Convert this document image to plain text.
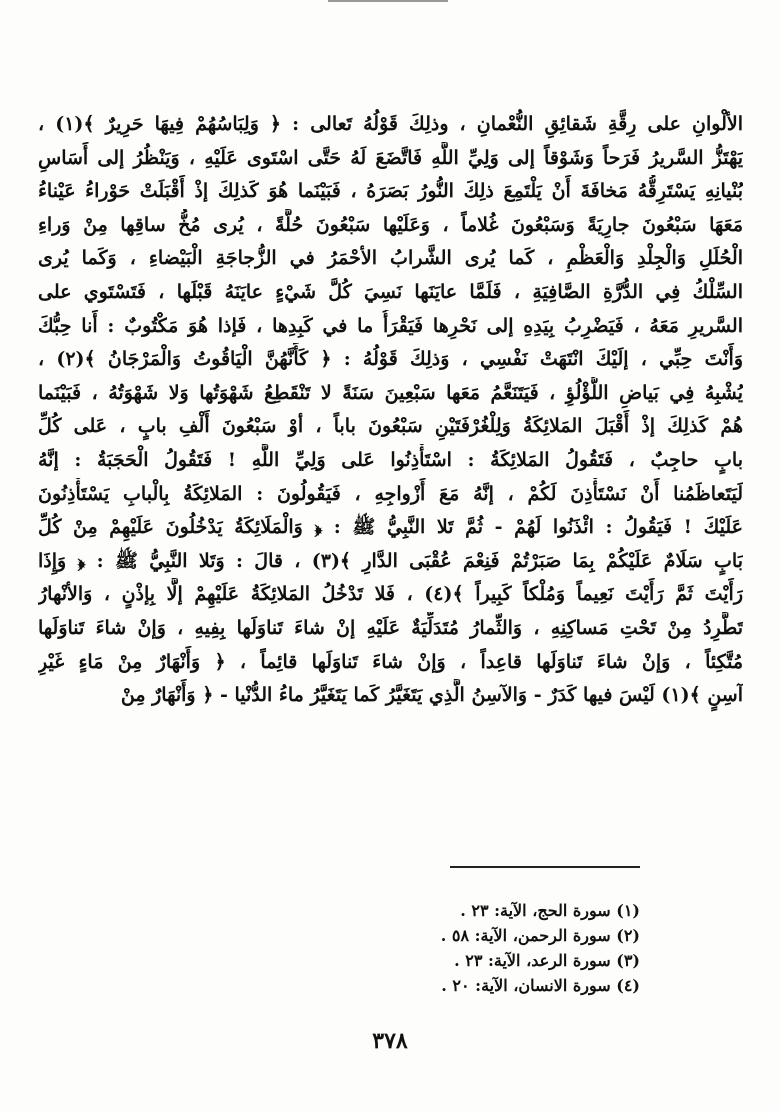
الألْوانِ على رِقَّةِ شَقائِقِ النُّعْمانِ ، وذلِكَ قَوْلُهُ تَعالى : ﴿ وَلِبَاسُهُمْ فِيهَا حَرِيرٌ ﴾(١) ،
يَهْتَزُّ السَّريرُ فَرَحاً وَشَوْقاً إلى وَلِيِّ اللَّهِ فَاتَّضَعَ لَهُ حَتَّى اسْتَوى عَلَيْهِ ، وَيَنْظُرُ إلى أَسَاسِ
بُنْيانِهِ يَسْتَرِقُّهُ مَخافَةَ أَنْ يَلْتَمِعَ ذلِكَ النُّورُ بَصَرَهُ ، فَبَيْنَما هُوَ كَذلِكَ إذْ أَقْبَلَتْ حَوْراءُ عَيْناءُ
مَعَهَا سَبْعُونَ جارِيَةً وَسَبْعُونَ غُلاماً ، وَعَلَيْها سَبْعُونَ حُلَّةً ، يُرى مُخُّ ساقِها مِنْ وَراءِ
الْحُلَلِ وَالْجِلْدِ وَالْعَظْمِ ، كَما يُرى الشَّرابُ الأحْمَرُ في الزُّجاجَةِ الْبَيْضاءِ ، وَكَما يُرى
السِّلْكُ فِي الدُّرَّةِ الصَّافِيَةِ ، فَلَمَّا عايَنَها نَسِيَ كُلَّ شَيْءٍ عايَنَهُ قَبْلَها ، فَتَسْتَوي على
السَّريرِ مَعَهُ ، فَيَضْرِبُ بِيَدِهِ إلى نَحْرِها فَيَقْرَأُ ما في كَبِدِها ، فَإذا هُوَ مَكْتُوبٌ : أَنا حِبُّكَ
وَأَنْتَ حِبِّي ، إلَيْكَ انْتَهَتْ نَفْسِي ، وَذلِكَ قَوْلُهُ : ﴿ كَأَنَّهُنَّ الْيَاقُوتُ وَالْمَرْجَانُ ﴾(٢) ،
يُشْبِهُ فِي بَياضِ اللُّؤْلُؤِ ، فَيَتَنَعَّمُ مَعَها سَبْعِينَ سَنَةً لا تَنْقَطِعُ شَهْوَتُها وَلا شَهْوَتُهُ ، فَبَيْنَما
هُمْ كَذلِكَ إذْ أَقْبَلَ المَلائِكَةُ وَلِلْغُرْفَتَيْنِ سَبْعُونَ باباً ، أوْ سَبْعُونَ أَلْفِ بابٍ ، عَلى كُلِّ
بابٍ حاجِبٌ ، فَتَقُولُ المَلائِكَةُ : اسْتَأْذِنُوا عَلى وَلِيِّ اللَّهِ ! فَتَقُولُ الْحَجَبَةُ : إنَّهُ
لَيَتَعاظَمُنا أَنْ نَسْتَأْذِنَ لَكُمْ ، إنَّهُ مَعَ أَزْواجِهِ ، فَيَقُولُونَ : المَلائِكَةُ بِالْبابِ يَسْتَأْذِنُونَ
عَلَيْكَ ! فَيَقُولُ : ائْذَنُوا لَهُمْ - ثُمَّ تَلا النَّبِيُّ ﷺ : ﴿ وَالْمَلَائِكَةُ يَدْخُلُونَ عَلَيْهِمْ مِنْ كُلِّ
بَابٍ سَلَامٌ عَلَيْكُمْ بِمَا صَبَرْتُمْ فَنِعْمَ عُقْبَى الدَّارِ ﴾(٣) ، قالَ : وَتَلا النَّبِيُّ ﷺ : ﴿ وَإِذَا
رَأَيْتَ ثَمَّ رَأَيْتَ نَعِيماً وَمُلْكاً كَبِيراً ﴾(٤) ، فَلا تَدْخُلُ المَلائِكَةُ عَلَيْهِمْ إلَّا بِإذْنٍ ، وَالأنْهارُ
تَطَّرِدُ مِنْ تَحْتِ مَساكِنِهِ ، وَالثِّمارُ مُتَدَلِّيَةٌ عَلَيْهِ إنْ شاءَ تَناوَلَها بِفِيهِ ، وَإنْ شاءَ تَناوَلَها
مُتَّكِئاً ، وَإنْ شاءَ تَناوَلَها قاعِداً ، وَإنْ شاءَ تَناوَلَها قائِماً ، ﴿ وَأَنْهَارٌ مِنْ مَاءٍ غَيْرِ
آسِنٍ ﴾(١) لَيْسَ فيها كَدَرٌ - وَالآسِنُ الَّذِي يَتَغَيَّرُ كَما يَتَغَيَّرُ ماءُ الدُّنْيا - ﴿ وَأَنْهَارٌ مِنْ
(١) سورة الحج، الآية: ٢٣ .
(٢) سورة الرحمن، الآية: ٥٨ .
(٣) سورة الرعد، الآية: ٢٣ .
(٤) سورة الانسان، الآية: ٢٠ .
٣٧٨
